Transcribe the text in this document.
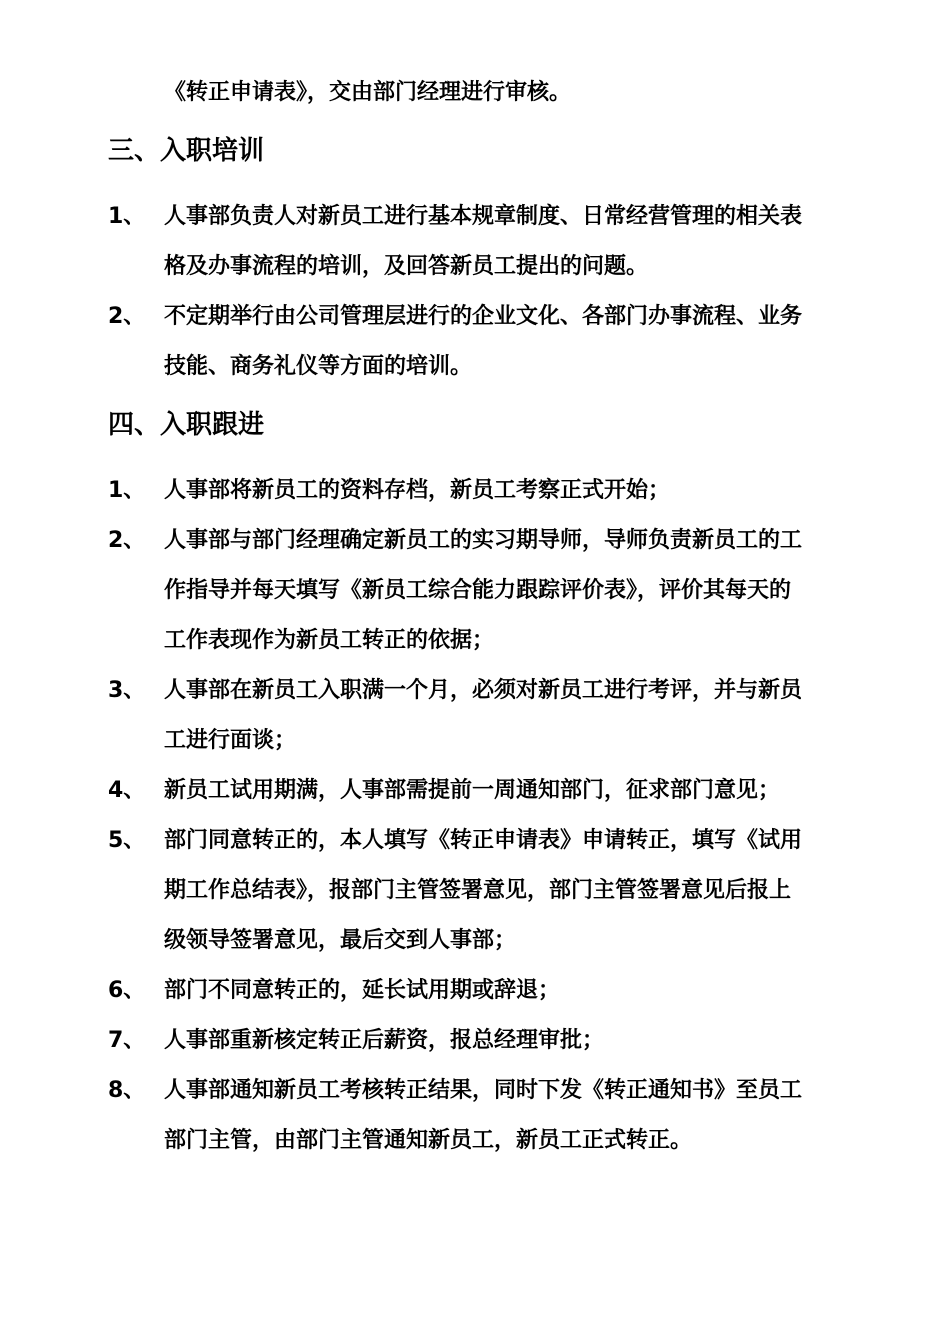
《转正申请表》，交由部门经理进行审核。
三、入职培训
1、 人事部负责人对新员工进行基本规章制度、日常经营管理的相关表
格及办事流程的培训，及回答新员工提出的问题。
2、 不定期举行由公司管理层进行的企业文化、各部门办事流程、业务
技能、商务礼仪等方面的培训。
四、入职跟进
1、 人事部将新员工的资料存档，新员工考察正式开始；
2、 人事部与部门经理确定新员工的实习期导师，导师负责新员工的工
作指导并每天填写《新员工综合能力跟踪评价表》，评价其每天的
工作表现作为新员工转正的依据；
3、 人事部在新员工入职满一个月，必须对新员工进行考评，并与新员
工进行面谈；
4、 新员工试用期满，人事部需提前一周通知部门，征求部门意见；
5、 部门同意转正的，本人填写《转正申请表》申请转正，填写《试用
期工作总结表》，报部门主管签署意见，部门主管签署意见后报上
级领导签署意见，最后交到人事部；
6、 部门不同意转正的，延长试用期或辞退；
7、 人事部重新核定转正后薪资，报总经理审批；
8、 人事部通知新员工考核转正结果，同时下发《转正通知书》至员工
部门主管，由部门主管通知新员工，新员工正式转正。
